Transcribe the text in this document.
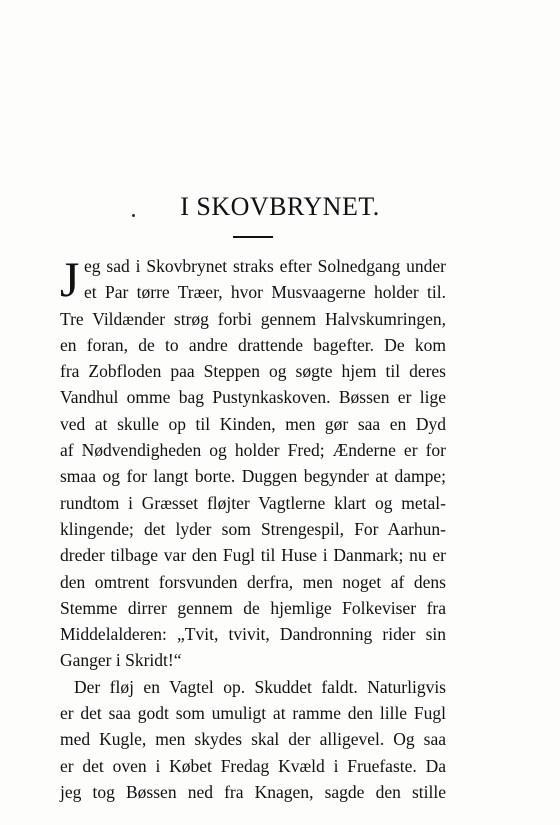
I SKOVBRYNET.
J eg sad i Skovbrynet straks efter Solnedgang under
et Par tørre Træer, hvor Musvaagerne holder til.
Tre Vildænder strøg forbi gennem Halvskumringen,
en foran, de to andre drattende bagefter. De kom
fra Zobfloden paa Steppen og søgte hjem til deres
Vandhul omme bag Pustynkaskoven. Bøssen er lige
ved at skulle op til Kinden, men gør saa en Dyd
af Nødvendigheden og holder Fred; Ænderne er for
smaa og for langt borte. Duggen begynder at dampe;
rundtom i Græsset fløjter Vagtlerne klart og metal-
klingende; det lyder som Strengespil, For Aarhun-
dreder tilbage var den Fugl til Huse i Danmark; nu er
den omtrent forsvunden derfra, men noget af dens
Stemme dirrer gennem de hjemlige Folkeviser fra
Middelalderen: „Tvit, tvivit, Dandronning rider sin
Ganger i Skridt!“
Der fløj en Vagtel op. Skuddet faldt. Naturligvis
er det saa godt som umuligt at ramme den lille Fugl
med Kugle, men skydes skal der alligevel. Og saa
er det oven i Købet Fredag Kvæld i Fruefaste. Da
jeg tog Bøssen ned fra Knagen, sagde den stille
